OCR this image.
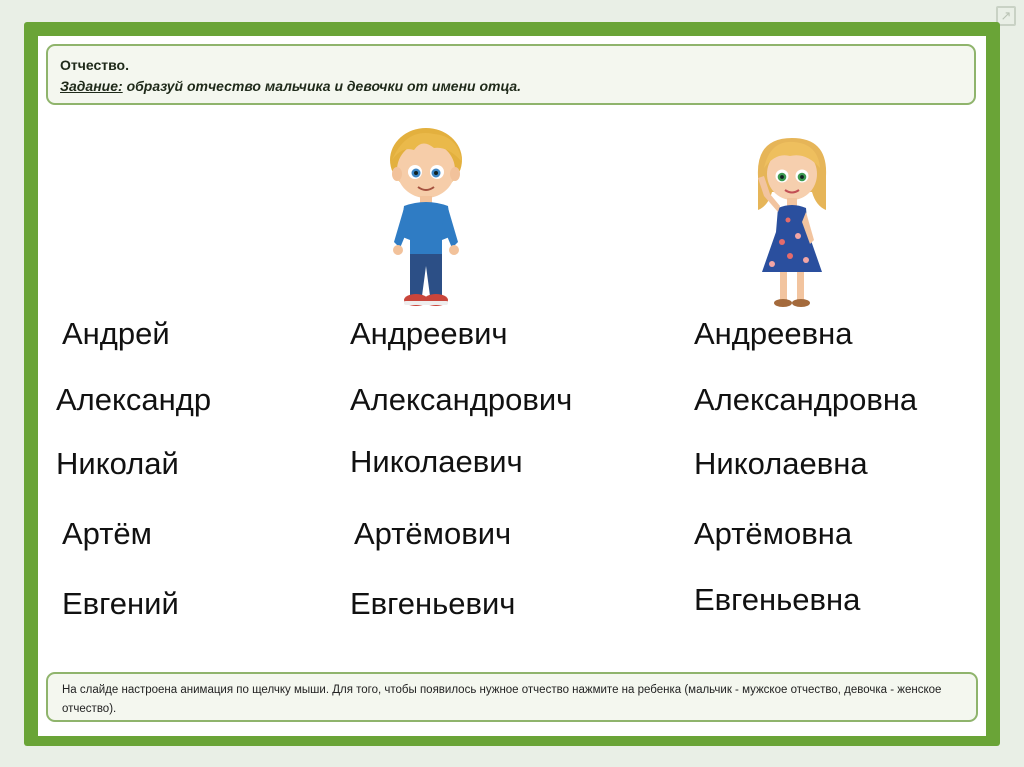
↗
Отчество.
Задание: образуй отчество мальчика и девочки от имени отца.
Андрей
Александр
Николай
Артём
Евгений
Андреевич
Александрович
Николаевич
Артёмович
Евгеньевич
Андреевна
Александровна
Николаевна
Артёмовна
Евгеньевна
На слайде настроена анимация по щелчку мыши. Для того, чтобы появилось нужное отчество нажмите на ребенка (мальчик - мужское отчество, девочка - женское отчество).
